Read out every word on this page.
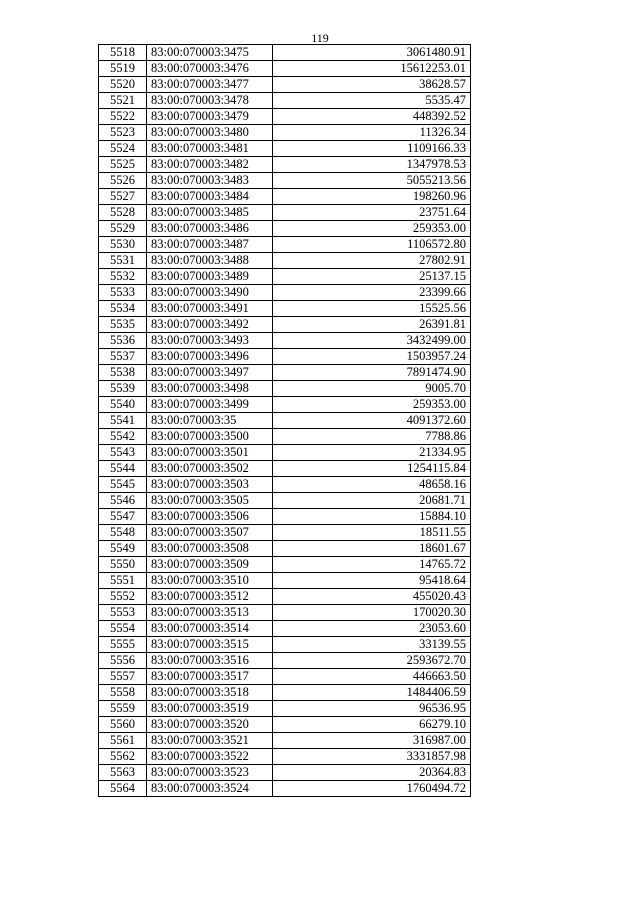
119
5518	83:00:070003:3475	3061480.91
5519	83:00:070003:3476	15612253.01
5520	83:00:070003:3477	38628.57
5521	83:00:070003:3478	5535.47
5522	83:00:070003:3479	448392.52
5523	83:00:070003:3480	11326.34
5524	83:00:070003:3481	1109166.33
5525	83:00:070003:3482	1347978.53
5526	83:00:070003:3483	5055213.56
5527	83:00:070003:3484	198260.96
5528	83:00:070003:3485	23751.64
5529	83:00:070003:3486	259353.00
5530	83:00:070003:3487	1106572.80
5531	83:00:070003:3488	27802.91
5532	83:00:070003:3489	25137.15
5533	83:00:070003:3490	23399.66
5534	83:00:070003:3491	15525.56
5535	83:00:070003:3492	26391.81
5536	83:00:070003:3493	3432499.00
5537	83:00:070003:3496	1503957.24
5538	83:00:070003:3497	7891474.90
5539	83:00:070003:3498	9005.70
5540	83:00:070003:3499	259353.00
5541	83:00:070003:35	4091372.60
5542	83:00:070003:3500	7788.86
5543	83:00:070003:3501	21334.95
5544	83:00:070003:3502	1254115.84
5545	83:00:070003:3503	48658.16
5546	83:00:070003:3505	20681.71
5547	83:00:070003:3506	15884.10
5548	83:00:070003:3507	18511.55
5549	83:00:070003:3508	18601.67
5550	83:00:070003:3509	14765.72
5551	83:00:070003:3510	95418.64
5552	83:00:070003:3512	455020.43
5553	83:00:070003:3513	170020.30
5554	83:00:070003:3514	23053.60
5555	83:00:070003:3515	33139.55
5556	83:00:070003:3516	2593672.70
5557	83:00:070003:3517	446663.50
5558	83:00:070003:3518	1484406.59
5559	83:00:070003:3519	96536.95
5560	83:00:070003:3520	66279.10
5561	83:00:070003:3521	316987.00
5562	83:00:070003:3522	3331857.98
5563	83:00:070003:3523	20364.83
5564	83:00:070003:3524	1760494.72
